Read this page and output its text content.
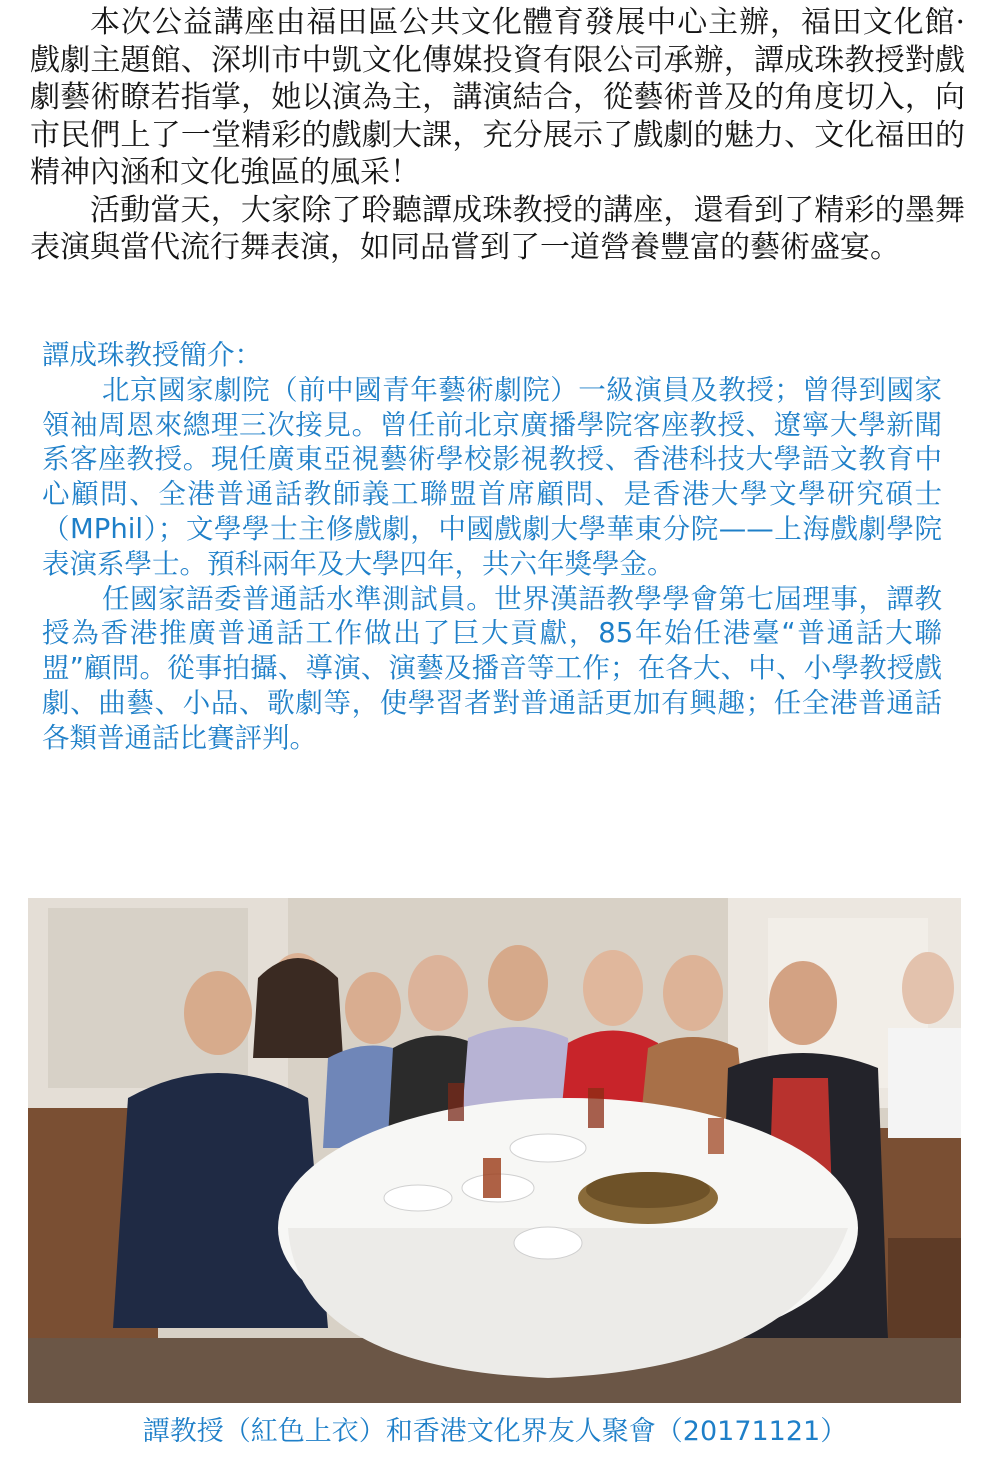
本次公益講座由福田區公共文化體育發展中心主辦，福田文化館·戲劇主題館、深圳市中凱文化傳媒投資有限公司承辦，譚成珠教授對戲劇藝術瞭若指掌，她以演為主，講演結合，從藝術普及的角度切入，向市民們上了一堂精彩的戲劇大課，充分展示了戲劇的魅力、文化福田的精神內涵和文化強區的風采！

活動當天，大家除了聆聽譚成珠教授的講座，還看到了精彩的墨舞表演與當代流行舞表演，如同品嘗到了一道營養豐富的藝術盛宴。

譚成珠教授簡介：

北京國家劇院（前中國青年藝術劇院）一級演員及教授；曾得到國家領袖周恩來總理三次接見。曾任前北京廣播學院客座教授、遼寧大學新聞系客座教授。現任廣東亞視藝術學校影視教授、香港科技大學語文教育中心顧問、全港普通話教師義工聯盟首席顧問、是香港大學文學研究碩士（MPhil）；文學學士主修戲劇，中國戲劇大學華東分院——上海戲劇學院表演系學士。預科兩年及大學四年，共六年獎學金。

任國家語委普通話水準測試員。世界漢語教學學會第七屆理事，譚教授為香港推廣普通話工作做出了巨大貢獻，85年始任港臺“普通話大聯盟”顧問。從事拍攝、導演、演藝及播音等工作；在各大、中、小學教授戲劇、曲藝、小品、歌劇等，使學習者對普通話更加有興趣；任全港普通話各類普通話比賽評判。

譚教授（紅色上衣）和香港文化界友人聚會（20171121）
